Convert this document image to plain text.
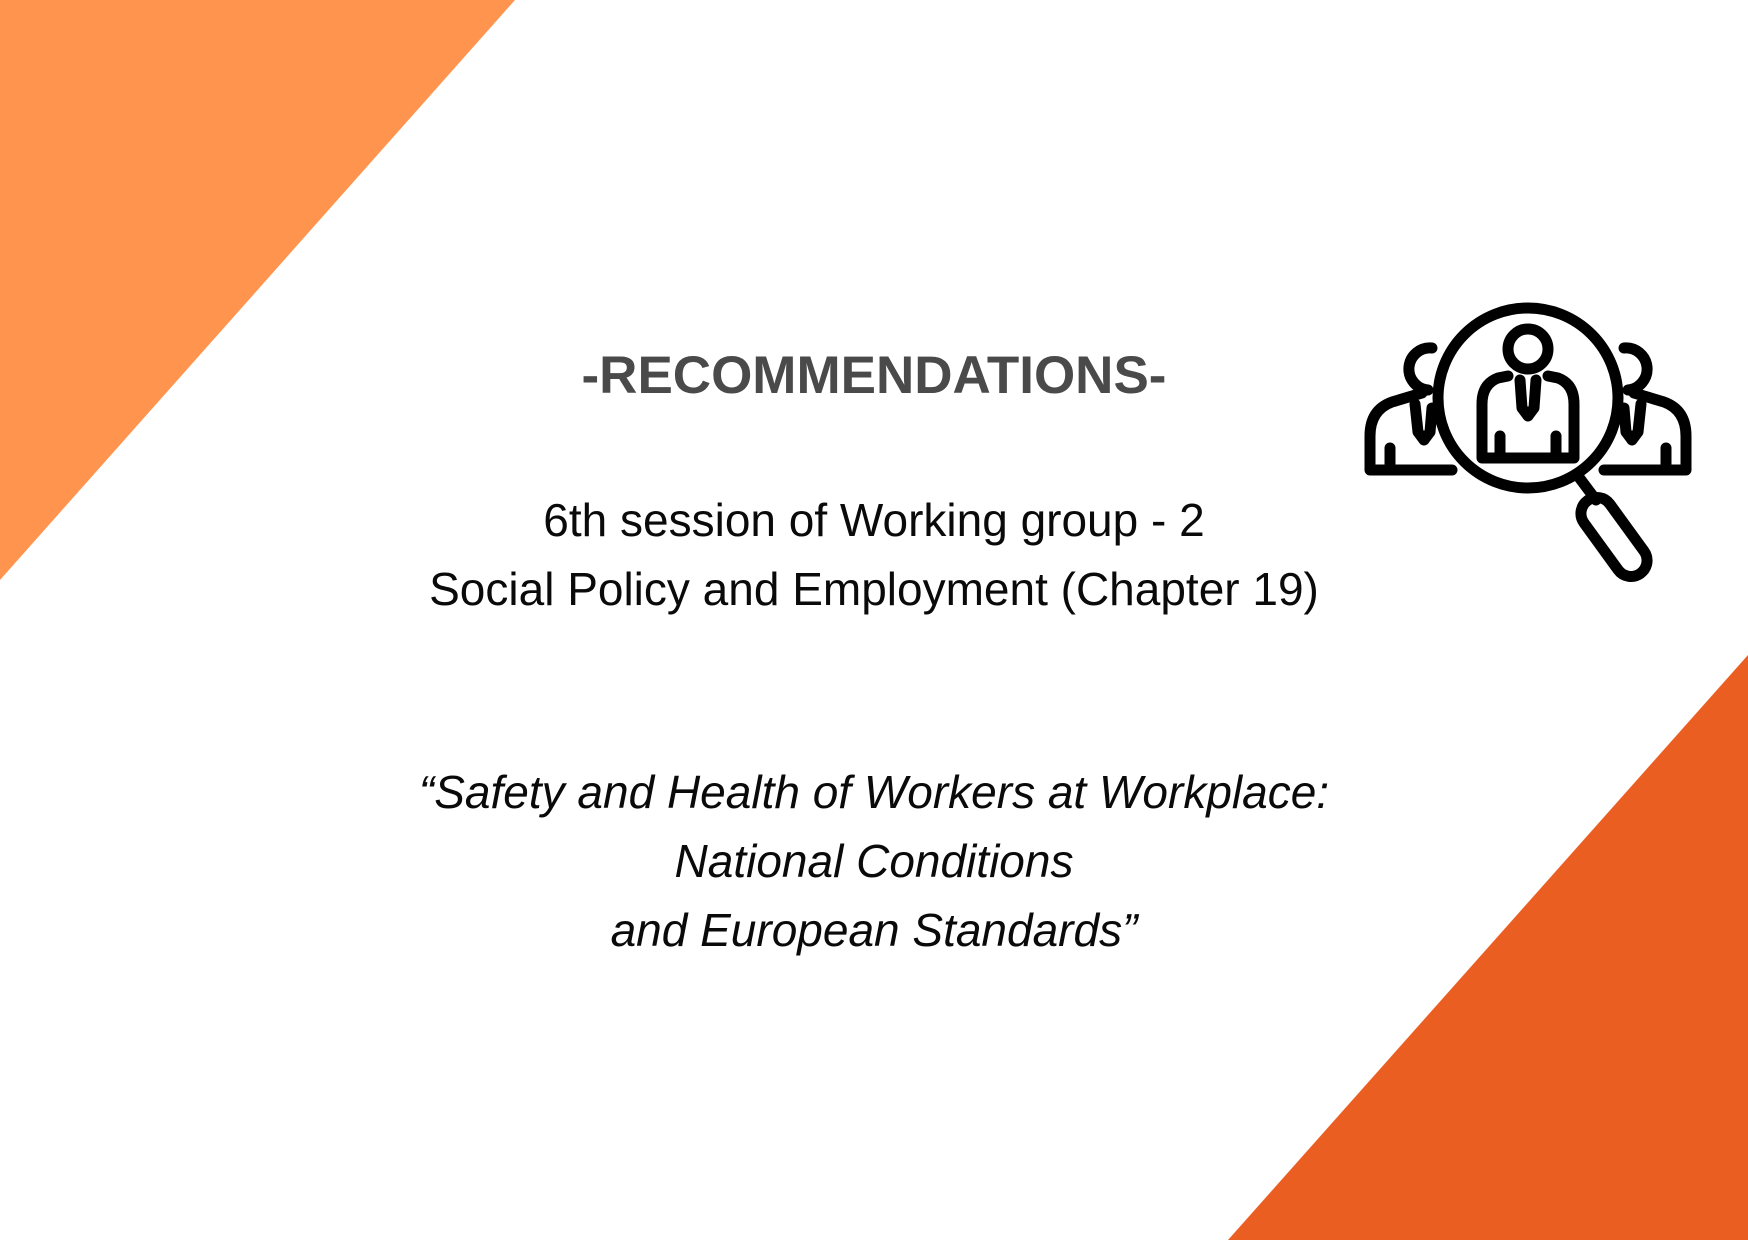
-RECOMMENDATIONS-
6th session of Working group - 2
Social Policy and Employment (Chapter 19)
“Safety and Health of Workers at Workplace:
National Conditions
and European Standards”
